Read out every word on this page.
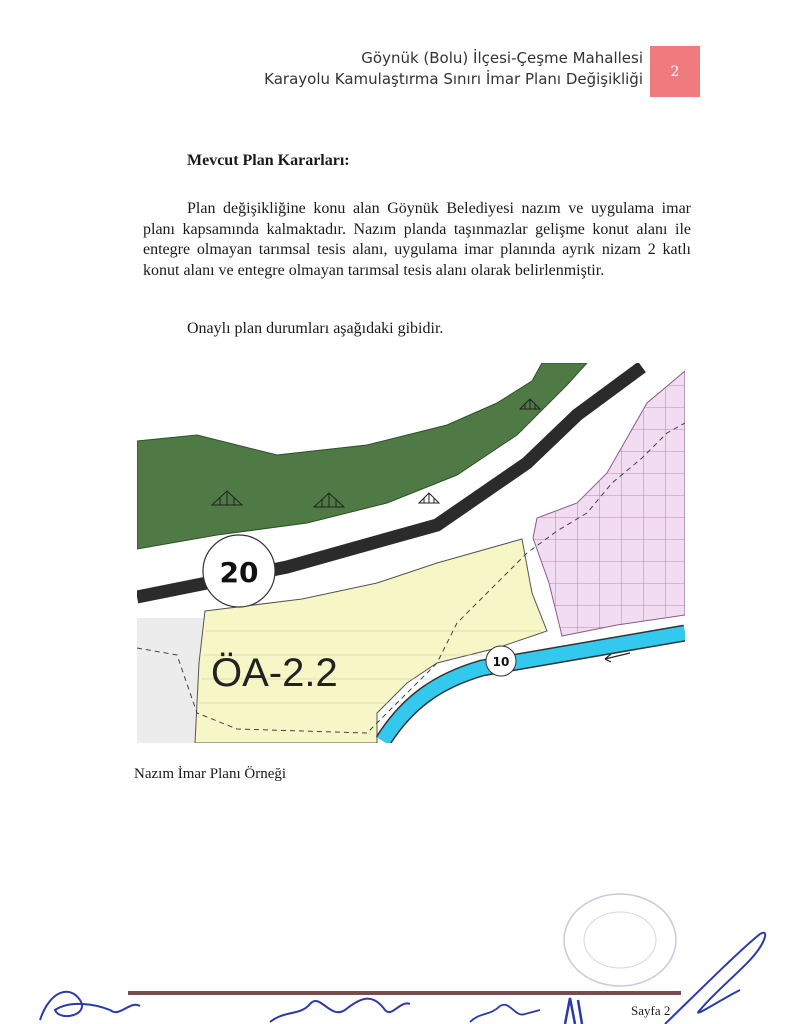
Göynük (Bolu) İlçesi-Çeşme Mahallesi
Karayolu Kamulaştırma Sınırı İmar Planı Değişikliği	2
Mevcut Plan Kararları:
Plan değişikliğine konu alan Göynük Belediyesi nazım ve uygulama imar planı kapsamında kalmaktadır. Nazım planda taşınmazlar gelişme konut alanı ile entegre olmayan tarımsal tesis alanı, uygulama imar planında ayrık nizam 2 katlı konut alanı ve entegre olmayan tarımsal tesis alanı olarak belirlenmiştir.
Onaylı plan durumları aşağıdaki gibidir.
20
ÖA-2.2	10
Nazım İmar Planı Örneği
Sayfa 2
